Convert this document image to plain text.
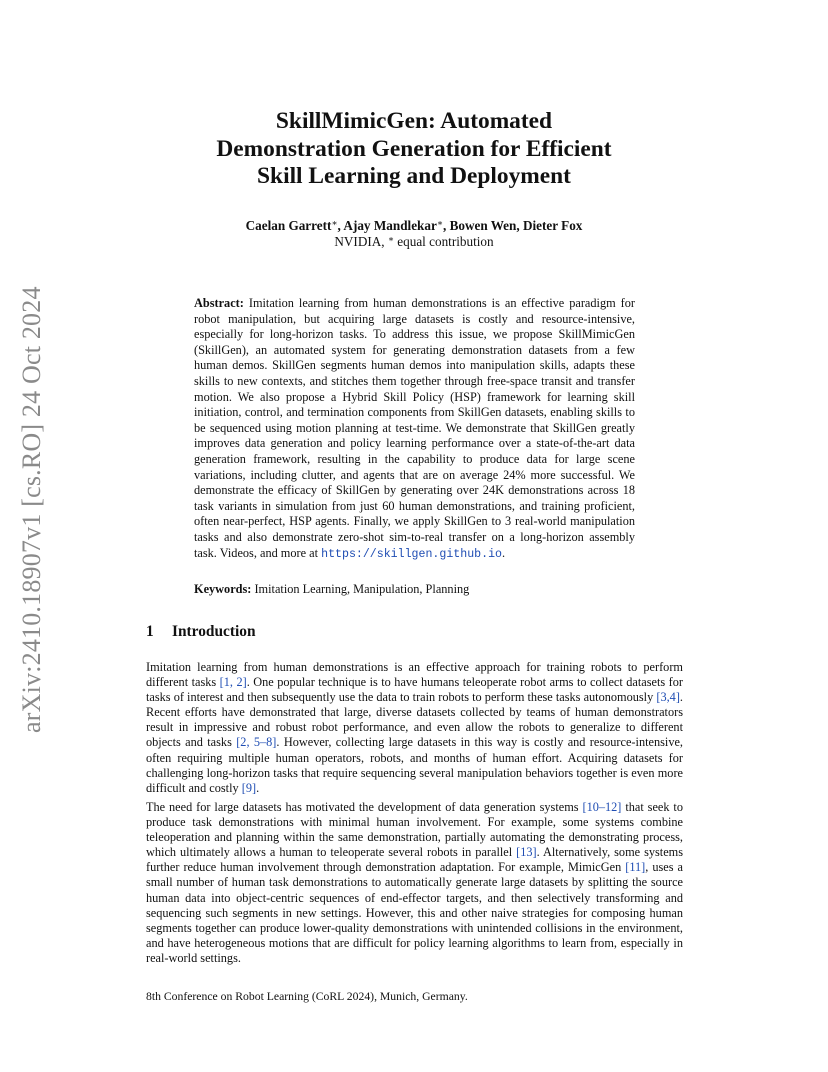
arXiv:2410.18907v1 [cs.RO] 24 Oct 2024
SkillMimicGen: Automated
Demonstration Generation for Efficient
Skill Learning and Deployment
Caelan Garrett∗, Ajay Mandlekar∗, Bowen Wen, Dieter Fox
NVIDIA, ∗ equal contribution
Abstract: Imitation learning from human demonstrations is an effective paradigm for robot manipulation, but acquiring large datasets is costly and resource-intensive, especially for long-horizon tasks. To address this issue, we propose SkillMimicGen (SkillGen), an automated system for generating demonstration datasets from a few human demos. SkillGen segments human demos into manipulation skills, adapts these skills to new contexts, and stitches them together through free-space transit and transfer motion. We also propose a Hybrid Skill Policy (HSP) framework for learning skill initiation, control, and termination components from SkillGen datasets, enabling skills to be sequenced using motion planning at test-time. We demonstrate that SkillGen greatly improves data generation and policy learning performance over a state-of-the-art data generation framework, resulting in the capability to produce data for large scene variations, including clutter, and agents that are on average 24% more successful. We demonstrate the efficacy of SkillGen by generating over 24K demonstrations across 18 task variants in simulation from just 60 human demonstrations, and training proficient, often near-perfect, HSP agents. Finally, we apply SkillGen to 3 real-world manipulation tasks and also demonstrate zero-shot sim-to-real transfer on a long-horizon assembly task. Videos, and more at https://skillgen.github.io.
Keywords: Imitation Learning, Manipulation, Planning
1 Introduction
Imitation learning from human demonstrations is an effective approach for training robots to perform different tasks [1, 2]. One popular technique is to have humans teleoperate robot arms to collect datasets for tasks of interest and then subsequently use the data to train robots to perform these tasks autonomously [3,4]. Recent efforts have demonstrated that large, diverse datasets collected by teams of human demonstrators result in impressive and robust robot performance, and even allow the robots to generalize to different objects and tasks [2, 5–8]. However, collecting large datasets in this way is costly and resource-intensive, often requiring multiple human operators, robots, and months of human effort. Acquiring datasets for challenging long-horizon tasks that require sequencing several manipulation behaviors together is even more difficult and costly [9].
The need for large datasets has motivated the development of data generation systems [10–12] that seek to produce task demonstrations with minimal human involvement. For example, some systems combine teleoperation and planning within the same demonstration, partially automating the demonstrating process, which ultimately allows a human to teleoperate several robots in parallel [13]. Alternatively, some systems further reduce human involvement through demonstration adaptation. For example, MimicGen [11], uses a small number of human task demonstrations to automatically generate large datasets by splitting the source human data into object-centric sequences of end-effector targets, and then selectively transforming and sequencing such segments in new settings. However, this and other naive strategies for composing human segments together can produce lower-quality demonstrations with unintended collisions in the environment, and have heterogeneous motions that are difficult for policy learning algorithms to learn from, especially in real-world settings.
8th Conference on Robot Learning (CoRL 2024), Munich, Germany.
